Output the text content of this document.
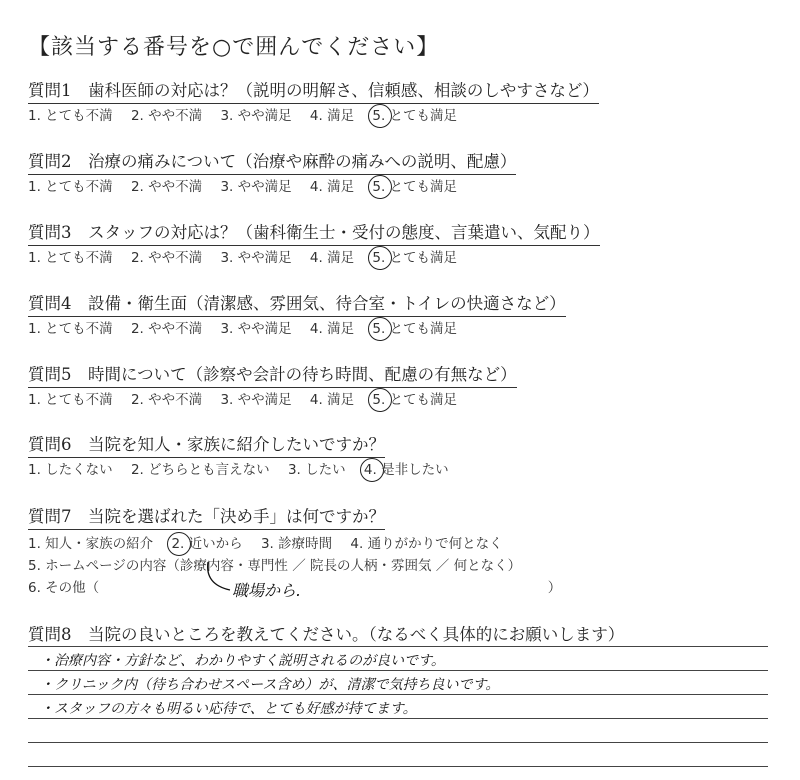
【該当する番号を○で囲んでください】
質問1　歯科医師の対応は？（説明の明解さ、信頼感、相談のしやすさなど）
1. とても不満 2. やや不満 3. やや満足 4. 満足 5. とても満足
質問2　治療の痛みについて（治療や麻酔の痛みへの説明、配慮）
1. とても不満 2. やや不満 3. やや満足 4. 満足 5. とても満足
質問3　スタッフの対応は？（歯科衛生士・受付の態度、言葉遣い、気配り）
1. とても不満 2. やや不満 3. やや満足 4. 満足 5. とても満足
質問4　設備・衛生面（清潔感、雰囲気、待合室・トイレの快適さなど）
1. とても不満 2. やや不満 3. やや満足 4. 満足 5. とても満足
質問5　時間について（診察や会計の待ち時間、配慮の有無など）
1. とても不満 2. やや不満 3. やや満足 4. 満足 5. とても満足
質問6　当院を知人・家族に紹介したいですか？
1. したくない 2. どちらとも言えない 3. したい 4. 是非したい
質問7　当院を選ばれた「決め手」は何ですか？
1. 知人・家族の紹介 2. 近いから 3. 診療時間 4. 通りがかりで何となく
5. ホームページの内容（診療内容・専門性 ／ 院長の人柄・雰囲気 ／ 何となく）
6. その他（	）
職場から.
質問8　当院の良いところを教えてください。（なるべく具体的にお願いします）
・治療内容・方針など、わかりやすく説明されるのが良いです。
・クリニック内（待ち合わせスペース含め）が、清潔で気持ち良いです。
・スタッフの方々も明るい応待で、とても好感が持てます。
